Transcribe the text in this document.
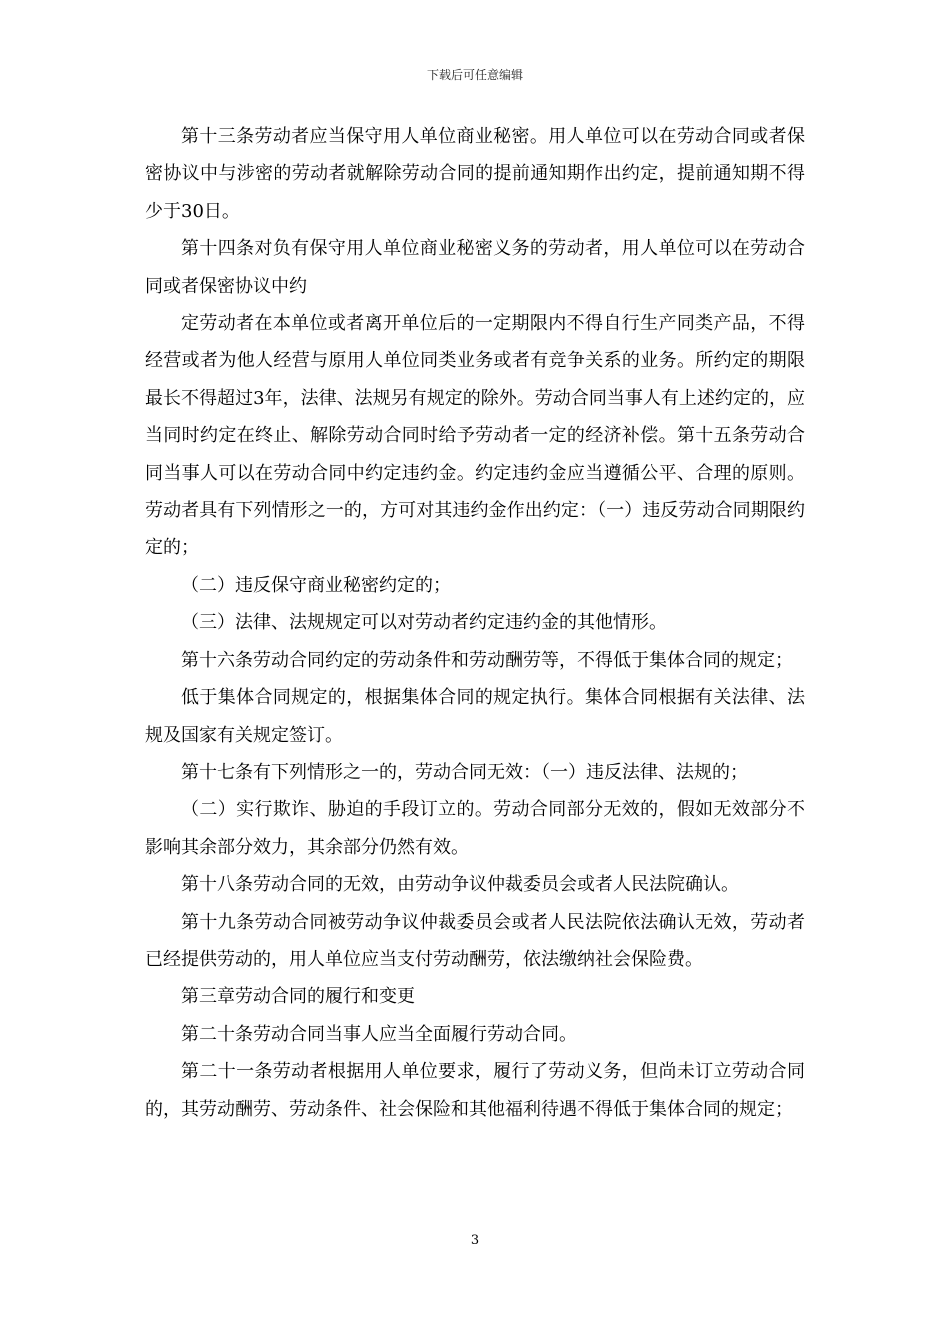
下载后可任意编辑

第十三条劳动者应当保守用人单位商业秘密。用人单位可以在劳动合同或者保密协议中与涉密的劳动者就解除劳动合同的提前通知期作出约定，提前通知期不得少于30日。

第十四条对负有保守用人单位商业秘密义务的劳动者，用人单位可以在劳动合同或者保密协议中约

定劳动者在本单位或者离开单位后的一定期限内不得自行生产同类产品，不得经营或者为他人经营与原用人单位同类业务或者有竞争关系的业务。所约定的期限最长不得超过3年，法律、法规另有规定的除外。劳动合同当事人有上述约定的，应当同时约定在终止、解除劳动合同时给予劳动者一定的经济补偿。第十五条劳动合同当事人可以在劳动合同中约定违约金。约定违约金应当遵循公平、合理的原则。劳动者具有下列情形之一的，方可对其违约金作出约定：（一）违反劳动合同期限约定的；

（二）违反保守商业秘密约定的；

（三）法律、法规规定可以对劳动者约定违约金的其他情形。

第十六条劳动合同约定的劳动条件和劳动酬劳等，不得低于集体合同的规定；

低于集体合同规定的，根据集体合同的规定执行。集体合同根据有关法律、法规及国家有关规定签订。

第十七条有下列情形之一的，劳动合同无效：（一）违反法律、法规的；

（二）实行欺诈、胁迫的手段订立的。劳动合同部分无效的，假如无效部分不影响其余部分效力，其余部分仍然有效。

第十八条劳动合同的无效，由劳动争议仲裁委员会或者人民法院确认。

第十九条劳动合同被劳动争议仲裁委员会或者人民法院依法确认无效，劳动者已经提供劳动的，用人单位应当支付劳动酬劳，依法缴纳社会保险费。

第三章劳动合同的履行和变更

第二十条劳动合同当事人应当全面履行劳动合同。

第二十一条劳动者根据用人单位要求，履行了劳动义务，但尚未订立劳动合同的，其劳动酬劳、劳动条件、社会保险和其他福利待遇不得低于集体合同的规定；

3
